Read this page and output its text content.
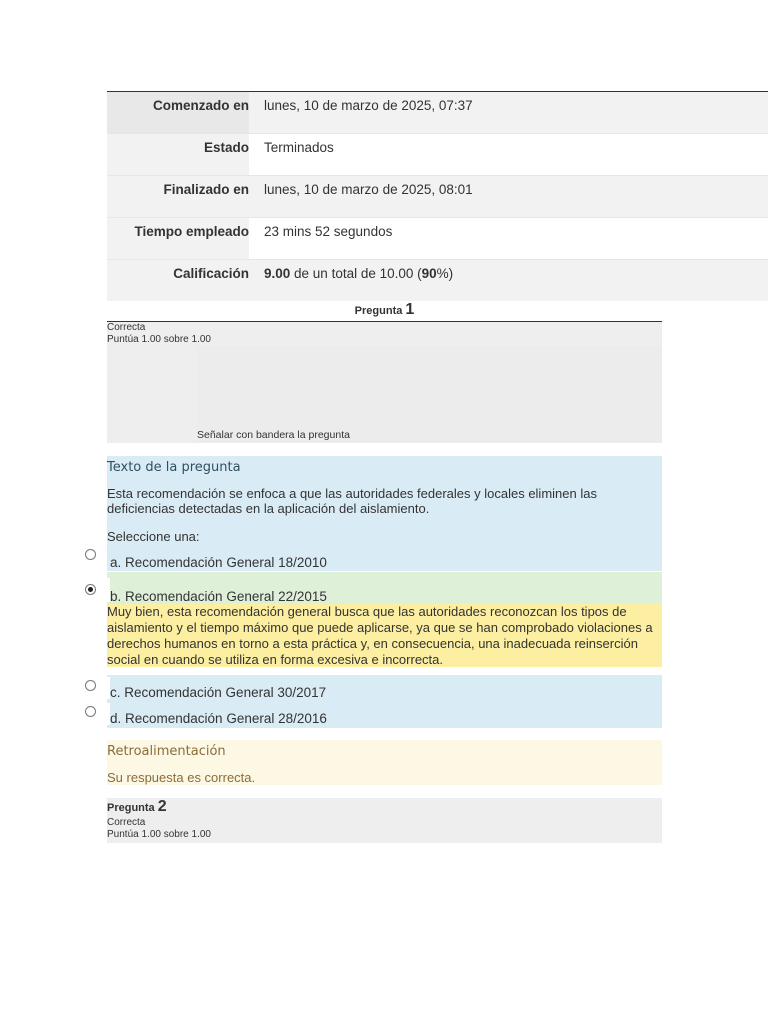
Comenzado en	lunes, 10 de marzo de 2025, 07:37
Estado	Terminados
Finalizado en	lunes, 10 de marzo de 2025, 08:01
Tiempo empleado	23 mins 52 segundos
Calificación	9.00 de un total de 10.00 (90%)
Pregunta 1
Correcta
Puntúa 1.00 sobre 1.00
Señalar con bandera la pregunta
Texto de la pregunta
Esta recomendación se enfoca a que las autoridades federales y locales eliminen las deficiencias detectadas en la aplicación del aislamiento.
Seleccione una:
a. Recomendación General 18/2010
b. Recomendación General 22/2015
Muy bien, esta recomendación general busca que las autoridades reconozcan los tipos de aislamiento y el tiempo máximo que puede aplicarse, ya que se han comprobado violaciones a derechos humanos en torno a esta práctica y, en consecuencia, una inadecuada reinserción social en cuando se utiliza en forma excesiva e incorrecta.
c. Recomendación General 30/2017
d. Recomendación General 28/2016
Retroalimentación
Su respuesta es correcta.
Pregunta 2
Correcta
Puntúa 1.00 sobre 1.00
